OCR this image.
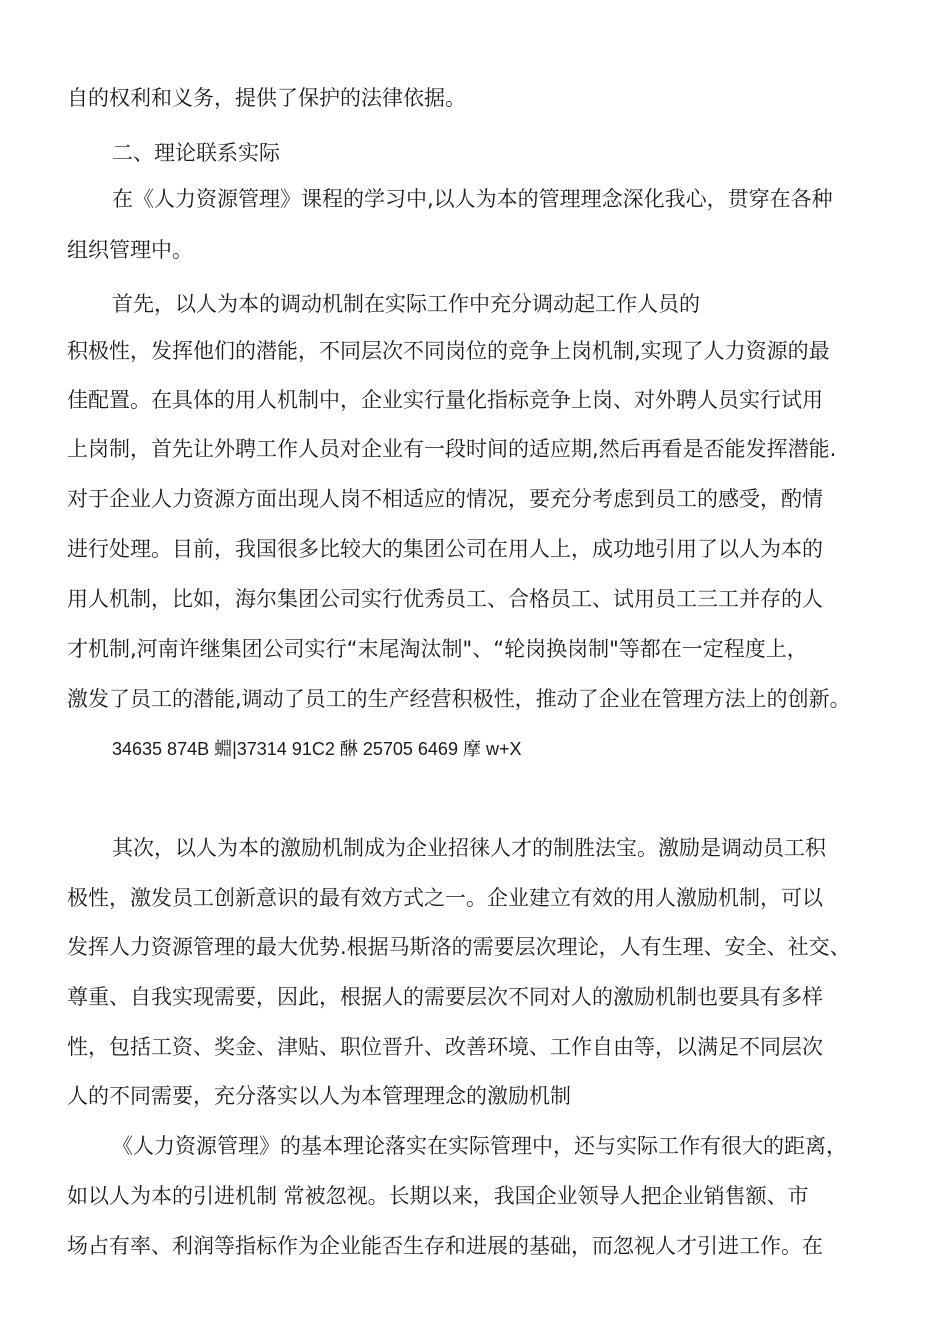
自的权利和义务，提供了保护的法律依据。
二、理论联系实际
在《人力资源管理》课程的学习中,以人为本的管理理念深化我心，贯穿在各种
组织管理中。
首先，以人为本的调动机制在实际工作中充分调动起工作人员的
积极性，发挥他们的潜能，不同层次不同岗位的竞争上岗机制,实现了人力资源的最
佳配置。在具体的用人机制中，企业实行量化指标竞争上岗、对外聘人员实行试用
上岗制，首先让外聘工作人员对企业有一段时间的适应期,然后再看是否能发挥潜能.
对于企业人力资源方面出现人岗不相适应的情况，要充分考虑到员工的感受，酌情
进行处理。目前，我国很多比较大的集团公司在用人上，成功地引用了以人为本的
用人机制，比如，海尔集团公司实行优秀员工、合格员工、试用员工三工并存的人
才机制,河南许继集团公司实行“末尾淘汰制"、“轮岗换岗制"等都在一定程度上，
激发了员工的潜能,调动了员工的生产经营积极性，推动了企业在管理方法上的创新。
34635 874B 蜵|37314 91C2 醂 25705 6469 摩 w+X
其次，以人为本的激励机制成为企业招徕人才的制胜法宝。激励是调动员工积
极性，激发员工创新意识的最有效方式之一。企业建立有效的用人激励机制，可以
发挥人力资源管理的最大优势.根据马斯洛的需要层次理论，人有生理、安全、社交、
尊重、自我实现需要，因此，根据人的需要层次不同对人的激励机制也要具有多样
性，包括工资、奖金、津贴、职位晋升、改善环境、工作自由等，以满足不同层次
人的不同需要，充分落实以人为本管理理念的激励机制
《人力资源管理》的基本理论落实在实际管理中，还与实际工作有很大的距离，
如以人为本的引进机制 常被忽视。长期以来，我国企业领导人把企业销售额、市
场占有率、利润等指标作为企业能否生存和进展的基础，而忽视人才引进工作。在
